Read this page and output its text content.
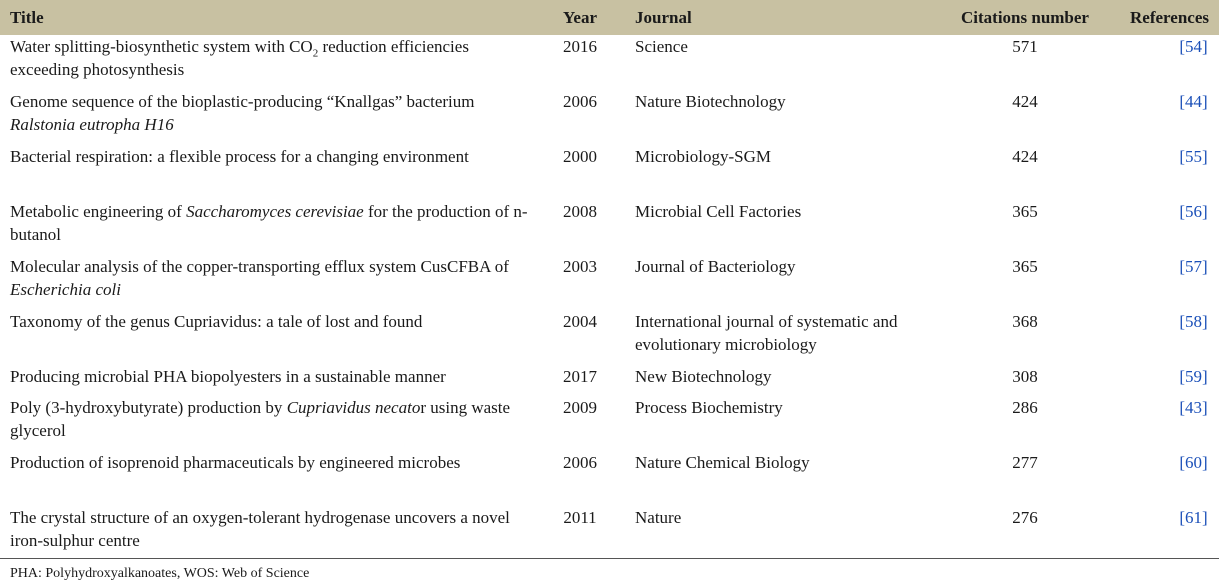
Title	Year	Journal	Citations number	References
Water splitting-biosynthetic system with $CO_2$ reduction efficiencies exceeding photosynthesis	2016	Science	571	[54]
Genome sequence of the bioplastic-producing “Knallgas” bacterium Ralstonia eutropha H16	2006	Nature Biotechnology	424	[44]
Bacterial respiration: a flexible process for a changing environment	2000	Microbiology-SGM	424	[55]
Metabolic engineering of Saccharomyces cerevisiae for the production of n-butanol	2008	Microbial Cell Factories	365	[56]
Molecular analysis of the copper-transporting efflux system CusCFBA of Escherichia coli	2003	Journal of Bacteriology	365	[57]
Taxonomy of the genus Cupriavidus: a tale of lost and found	2004	International journal of systematic and evolutionary microbiology	368	[58]
Producing microbial PHA biopolyesters in a sustainable manner	2017	New Biotechnology	308	[59]
Poly (3-hydroxybutyrate) production by Cupriavidus necator using waste glycerol	2009	Process Biochemistry	286	[43]
Production of isoprenoid pharmaceuticals by engineered microbes	2006	Nature Chemical Biology	277	[60]
The crystal structure of an oxygen-tolerant hydrogenase uncovers a novel iron-sulphur centre	2011	Nature	276	[61]
PHA: Polyhydroxyalkanoates, WOS: Web of Science
